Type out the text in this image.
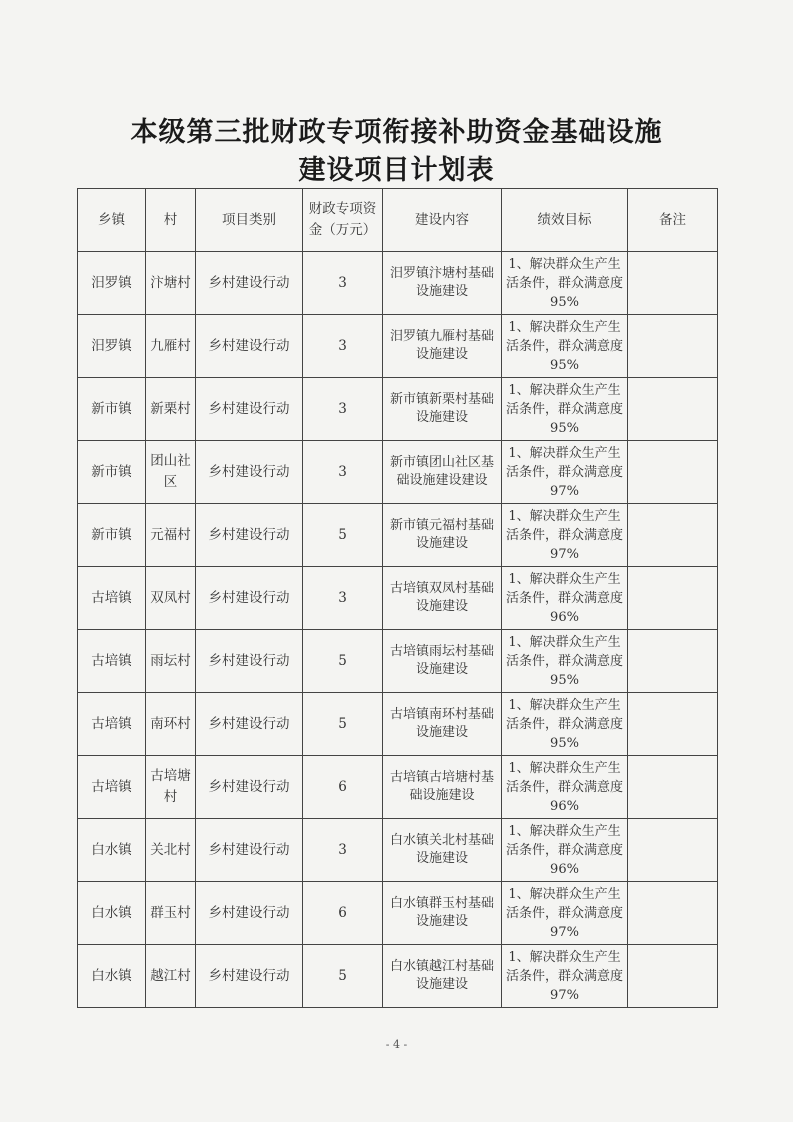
本级第三批财政专项衔接补助资金基础设施
建设项目计划表
乡镇	村	项目类别	财政专项资金（万元）	建设内容	绩效目标	备注
汨罗镇	汴塘村	乡村建设行动	3	汨罗镇汴塘村基础设施建设	1、解决群众生产生活条件，群众满意度 95%	
汨罗镇	九雁村	乡村建设行动	3	汨罗镇九雁村基础设施建设	1、解决群众生产生活条件，群众满意度 95%	
新市镇	新栗村	乡村建设行动	3	新市镇新栗村基础设施建设	1、解决群众生产生活条件，群众满意度 95%	
新市镇	团山社区	乡村建设行动	3	新市镇团山社区基础设施建设建设	1、解决群众生产生活条件，群众满意度 97%	
新市镇	元福村	乡村建设行动	5	新市镇元福村基础设施建设	1、解决群众生产生活条件，群众满意度 97%	
古培镇	双凤村	乡村建设行动	3	古培镇双凤村基础设施建设	1、解决群众生产生活条件，群众满意度 96%	
古培镇	雨坛村	乡村建设行动	5	古培镇雨坛村基础设施建设	1、解决群众生产生活条件，群众满意度 95%	
古培镇	南环村	乡村建设行动	5	古培镇南环村基础设施建设	1、解决群众生产生活条件，群众满意度 95%	
古培镇	古培塘村	乡村建设行动	6	古培镇古培塘村基础设施建设	1、解决群众生产生活条件，群众满意度 96%	
白水镇	关北村	乡村建设行动	3	白水镇关北村基础设施建设	1、解决群众生产生活条件，群众满意度 96%	
白水镇	群玉村	乡村建设行动	6	白水镇群玉村基础设施建设	1、解决群众生产生活条件，群众满意度 97%	
白水镇	越江村	乡村建设行动	5	白水镇越江村基础设施建设	1、解决群众生产生活条件，群众满意度 97%	
- 4 -
